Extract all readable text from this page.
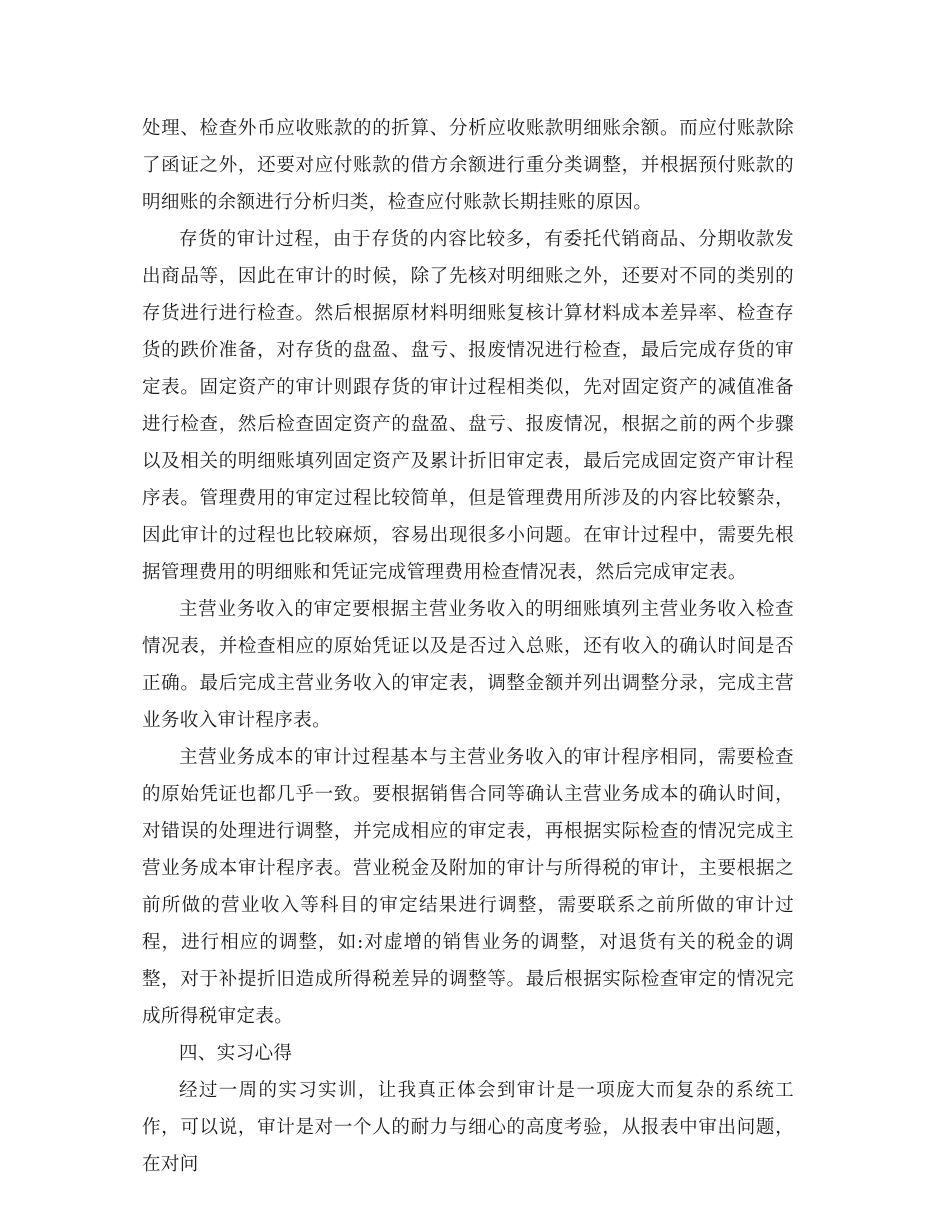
处理、检查外币应收账款的的折算、分析应收账款明细账余额。而应付账款除了函证之外，还要对应付账款的借方余额进行重分类调整，并根据预付账款的明细账的余额进行分析归类，检查应付账款长期挂账的原因。

存货的审计过程，由于存货的内容比较多，有委托代销商品、分期收款发出商品等，因此在审计的时候，除了先核对明细账之外，还要对不同的类别的存货进行进行检查。然后根据原材料明细账复核计算材料成本差异率、检查存货的跌价准备，对存货的盘盈、盘亏、报废情况进行检查，最后完成存货的审定表。固定资产的审计则跟存货的审计过程相类似，先对固定资产的减值准备进行检查，然后检查固定资产的盘盈、盘亏、报废情况，根据之前的两个步骤以及相关的明细账填列固定资产及累计折旧审定表，最后完成固定资产审计程序表。管理费用的审定过程比较简单，但是管理费用所涉及的内容比较繁杂，因此审计的过程也比较麻烦，容易出现很多小问题。在审计过程中，需要先根据管理费用的明细账和凭证完成管理费用检查情况表，然后完成审定表。

主营业务收入的审定要根据主营业务收入的明细账填列主营业务收入检查情况表，并检查相应的原始凭证以及是否过入总账，还有收入的确认时间是否正确。最后完成主营业务收入的审定表，调整金额并列出调整分录，完成主营业务收入审计程序表。

主营业务成本的审计过程基本与主营业务收入的审计程序相同，需要检查的原始凭证也都几乎一致。要根据销售合同等确认主营业务成本的确认时间，对错误的处理进行调整，并完成相应的审定表，再根据实际检查的情况完成主营业务成本审计程序表。营业税金及附加的审计与所得税的审计，主要根据之前所做的营业收入等科目的审定结果进行调整，需要联系之前所做的审计过程，进行相应的调整，如:对虚增的销售业务的调整，对退货有关的税金的调整，对于补提折旧造成所得税差异的调整等。最后根据实际检查审定的情况完成所得税审定表。

四、实习心得

经过一周的实习实训，让我真正体会到审计是一项庞大而复杂的系统工作，可以说，审计是对一个人的耐力与细心的高度考验，从报表中审出问题，在对问
